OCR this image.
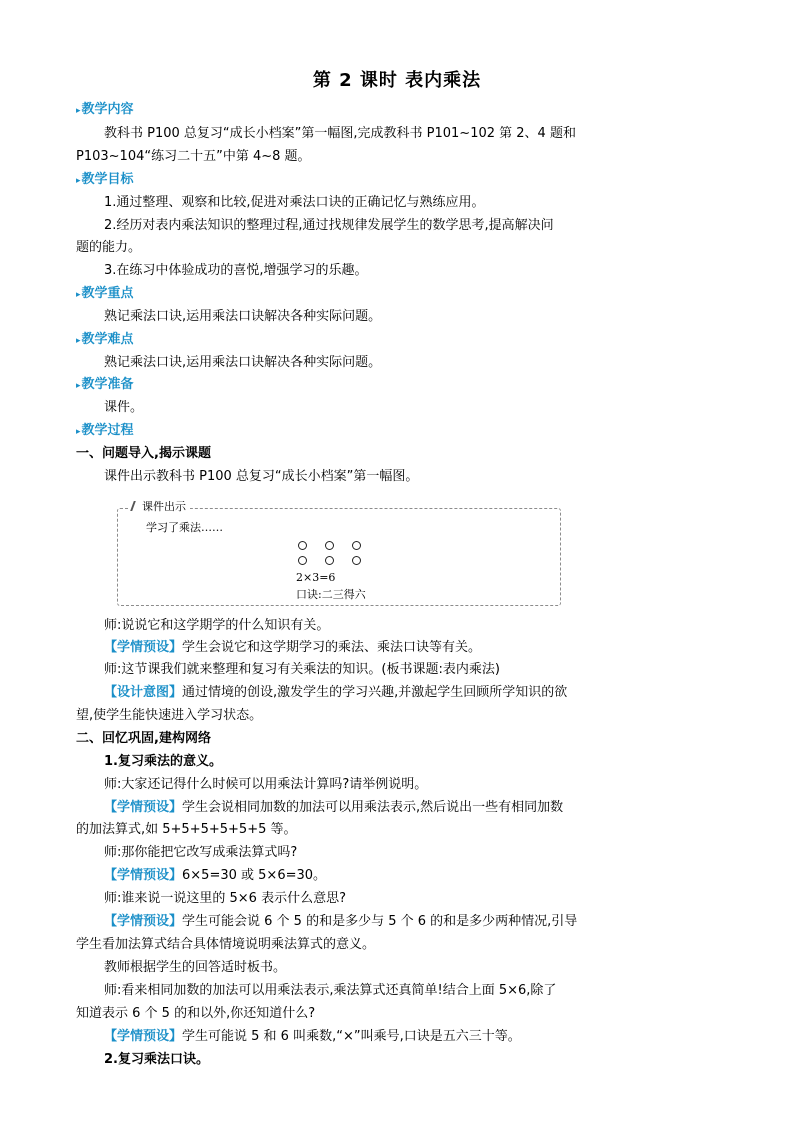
第 2 课时 表内乘法
▸教学内容
教科书 P100 总复习“成长小档案”第一幅图,完成教科书 P101~102 第 2、4 题和
P103~104“练习二十五”中第 4~8 题。
▸教学目标
1.通过整理、观察和比较,促进对乘法口诀的正确记忆与熟练应用。
2.经历对表内乘法知识的整理过程,通过找规律发展学生的数学思考,提高解决问
题的能力。
3.在练习中体验成功的喜悦,增强学习的乐趣。
▸教学重点
熟记乘法口诀,运用乘法口诀解决各种实际问题。
▸教学难点
熟记乘法口诀,运用乘法口诀解决各种实际问题。
▸教学准备
课件。
▸教学过程
一、问题导入,揭示课题
课件出示教科书 P100 总复习“成长小档案”第一幅图。
课件出示
学习了乘法……
2×3=6
口诀:二三得六
师:说说它和这学期学的什么知识有关。
【学情预设】学生会说它和这学期学习的乘法、乘法口诀等有关。
师:这节课我们就来整理和复习有关乘法的知识。(板书课题:表内乘法)
【设计意图】通过情境的创设,激发学生的学习兴趣,并激起学生回顾所学知识的欲
望,使学生能快速进入学习状态。
二、回忆巩固,建构网络
1.复习乘法的意义。
师:大家还记得什么时候可以用乘法计算吗?请举例说明。
【学情预设】学生会说相同加数的加法可以用乘法表示,然后说出一些有相同加数
的加法算式,如 5+5+5+5+5+5 等。
师:那你能把它改写成乘法算式吗?
【学情预设】6×5=30 或 5×6=30。
师:谁来说一说这里的 5×6 表示什么意思?
【学情预设】学生可能会说 6 个 5 的和是多少与 5 个 6 的和是多少两种情况,引导
学生看加法算式结合具体情境说明乘法算式的意义。
教师根据学生的回答适时板书。
师:看来相同加数的加法可以用乘法表示,乘法算式还真简单!结合上面 5×6,除了
知道表示 6 个 5 的和以外,你还知道什么?
【学情预设】学生可能说 5 和 6 叫乘数,“×”叫乘号,口诀是五六三十等。
2.复习乘法口诀。
